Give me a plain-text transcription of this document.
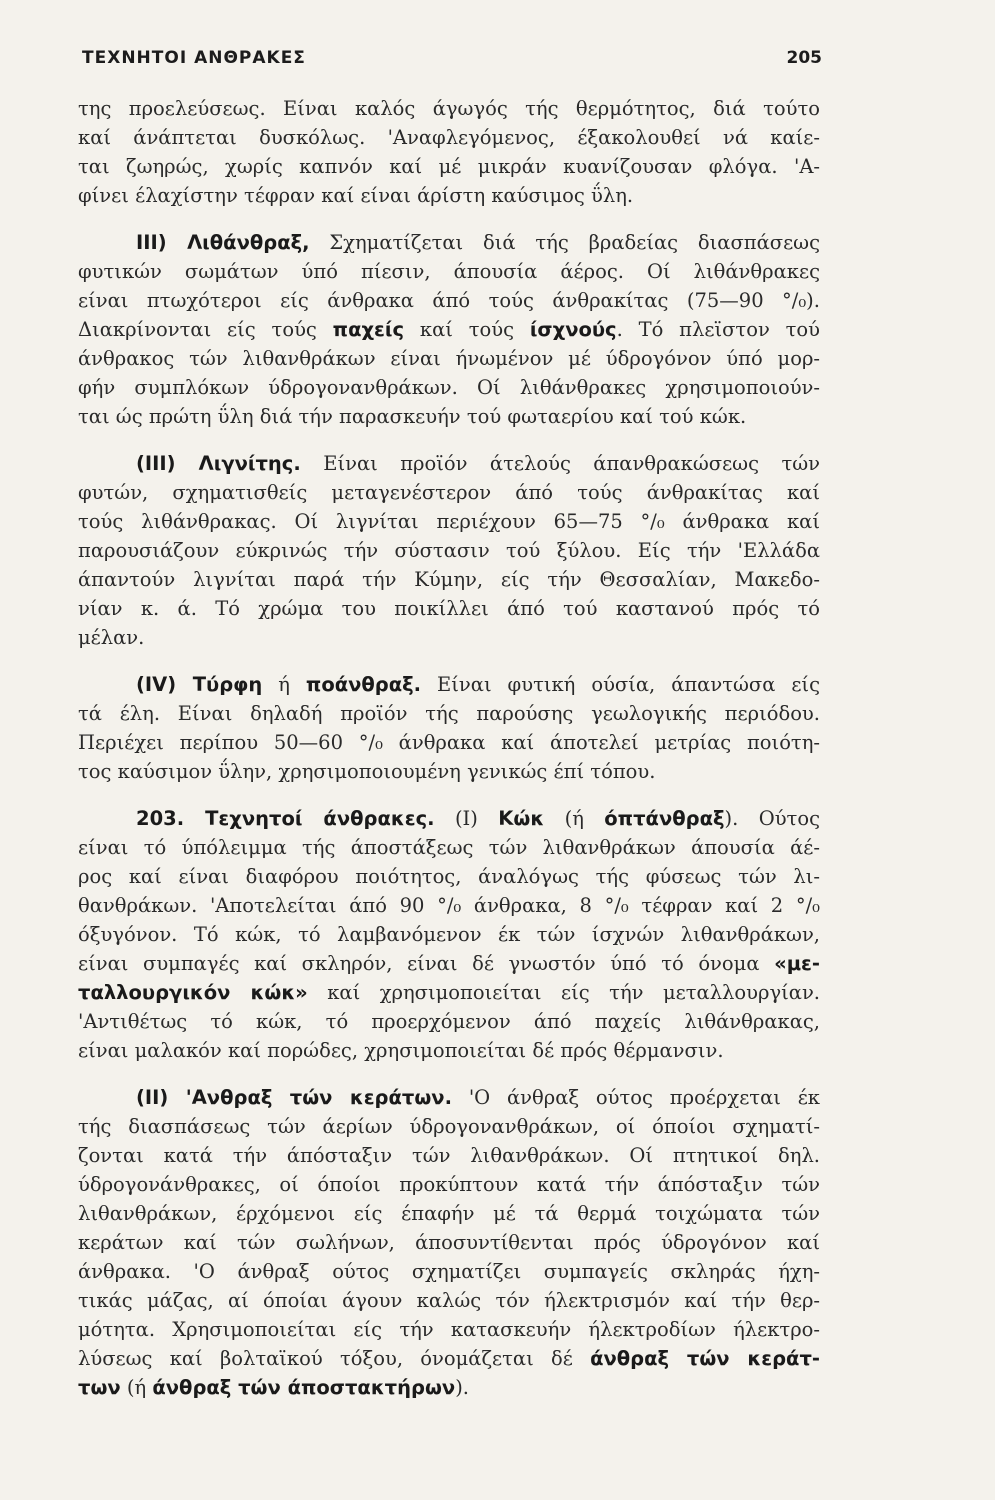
ΤΕΧΝΗΤΟΙ ΑΝΘΡΑΚΕΣ	205
της προελεύσεως. Είναι καλός άγωγός τής θερμότητος, διά τούτο
καί άνάπτεται δυσκόλως. 'Αναφλεγόμενος, έξακολουθεί νά καίε-
ται ζωηρώς, χωρίς καπνόν καί μέ μικράν κυανίζουσαν φλόγα. 'Α-
φίνει έλαχίστην τέφραν καί είναι άρίστη καύσιμος ΰλη.
III) Λιθάνθραξ, Σχηματίζεται διά τής βραδείας διασπάσεως
φυτικών σωμάτων ύπό πίεσιν, άπουσία άέρος. Οί λιθάνθρακες
είναι πτωχότεροι είς άνθρακα άπό τούς άνθρακίτας (75—90 °/₀).
Διακρίνονται είς τούς παχείς καί τούς ίσχνούς. Τό πλεϊστον τού
άνθρακος τών λιθανθράκων είναι ήνωμένον μέ ύδρογόνον ύπό μορ-
φήν συμπλόκων ύδρογονανθράκων. Οί λιθάνθρακες χρησιμοποιούν-
ται ώς πρώτη ΰλη διά τήν παρασκευήν τού φωταερίου καί τού κώκ.
(III) Λιγνίτης. Είναι προϊόν άτελούς άπανθρακώσεως τών
φυτών, σχηματισθείς μεταγενέστερον άπό τούς άνθρακίτας καί
τούς λιθάνθρακας. Οί λιγνίται περιέχουν 65—75 °/₀ άνθρακα καί
παρουσιάζουν εύκρινώς τήν σύστασιν τού ξύλου. Είς τήν 'Ελλάδα
άπαντούν λιγνίται παρά τήν Κύμην, είς τήν Θεσσαλίαν, Μακεδο-
νίαν κ. ά. Τό χρώμα του ποικίλλει άπό τού καστανού πρός τό
μέλαν.
(IV) Τύρφη ή ποάνθραξ. Είναι φυτική ούσία, άπαντώσα είς
τά έλη. Είναι δηλαδή προϊόν τής παρούσης γεωλογικής περιόδου.
Περιέχει περίπου 50—60 °/₀ άνθρακα καί άποτελεί μετρίας ποιότη-
τος καύσιμον ΰλην, χρησιμοποιουμένη γενικώς έπί τόπου.
203. Τεχνητοί άνθρακες. (I) Κώκ (ή όπτάνθραξ). Ούτος
είναι τό ύπόλειμμα τής άποστάξεως τών λιθανθράκων άπουσία άέ-
ρος καί είναι διαφόρου ποιότητος, άναλόγως τής φύσεως τών λι-
θανθράκων. 'Αποτελείται άπό 90 °/₀ άνθρακα, 8 °/₀ τέφραν καί 2 °/₀
όξυγόνον. Τό κώκ, τό λαμβανόμενον έκ τών ίσχνών λιθανθράκων,
είναι συμπαγές καί σκληρόν, είναι δέ γνωστόν ύπό τό όνομα «με-
ταλλουργικόν κώκ» καί χρησιμοποιείται είς τήν μεταλλουργίαν.
'Αντιθέτως τό κώκ, τό προερχόμενον άπό παχείς λιθάνθρακας,
είναι μαλακόν καί πορώδες, χρησιμοποιείται δέ πρός θέρμανσιν.
(II) 'Ανθραξ τών κεράτων. 'Ο άνθραξ ούτος προέρχεται έκ
τής διασπάσεως τών άερίων ύδρογονανθράκων, οί όποίοι σχηματί-
ζονται κατά τήν άπόσταξιν τών λιθανθράκων. Οί πτητικοί δηλ.
ύδρογονάνθρακες, οί όποίοι προκύπτουν κατά τήν άπόσταξιν τών
λιθανθράκων, έρχόμενοι είς έπαφήν μέ τά θερμά τοιχώματα τών
κεράτων καί τών σωλήνων, άποσυντίθενται πρός ύδρογόνον καί
άνθρακα. 'Ο άνθραξ ούτος σχηματίζει συμπαγείς σκληράς ήχη-
τικάς μάζας, αί όποίαι άγουν καλώς τόν ήλεκτρισμόν καί τήν θερ-
μότητα. Χρησιμοποιείται είς τήν κατασκευήν ήλεκτροδίων ήλεκτρο-
λύσεως καί βολταϊκού τόξου, όνομάζεται δέ άνθραξ τών κεράτ-
των (ή άνθραξ τών άποστακτήρων).
